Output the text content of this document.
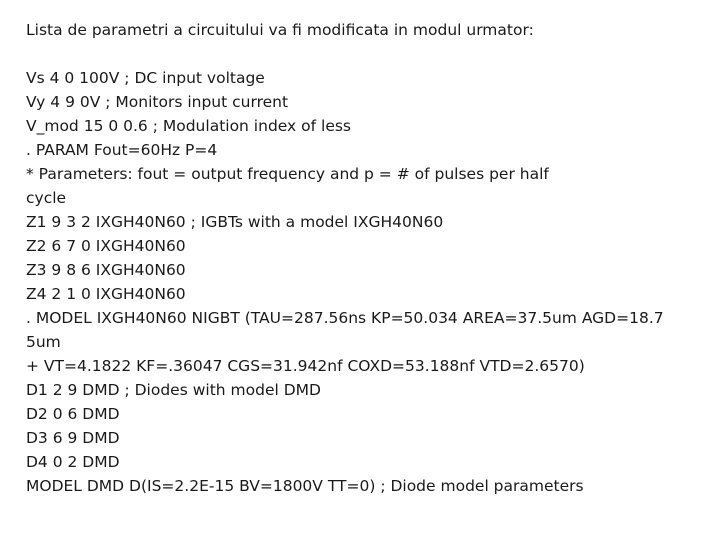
Lista de parametri a circuitului va fi modificata in modul urmator:
Vs 4 0 100V ; DC input voltage
Vy 4 9 0V ; Monitors input current
V_mod 15 0 0.6 ; Modulation index of less
. PARAM Fout=60Hz P=4
* Parameters: fout = output frequency and p = # of pulses per half
cycle
Z1 9 3 2 IXGH40N60 ; IGBTs with a model IXGH40N60
Z2 6 7 0 IXGH40N60
Z3 9 8 6 IXGH40N60
Z4 2 1 0 IXGH40N60
. MODEL IXGH40N60 NIGBT (TAU=287.56ns KP=50.034 AREA=37.5um AGD=18.7
5um
+ VT=4.1822 KF=.36047 CGS=31.942nf COXD=53.188nf VTD=2.6570)
D1 2 9 DMD ; Diodes with model DMD
D2 0 6 DMD
D3 6 9 DMD
D4 0 2 DMD
MODEL DMD D(IS=2.2E-15 BV=1800V TT=0) ; Diode model parameters
